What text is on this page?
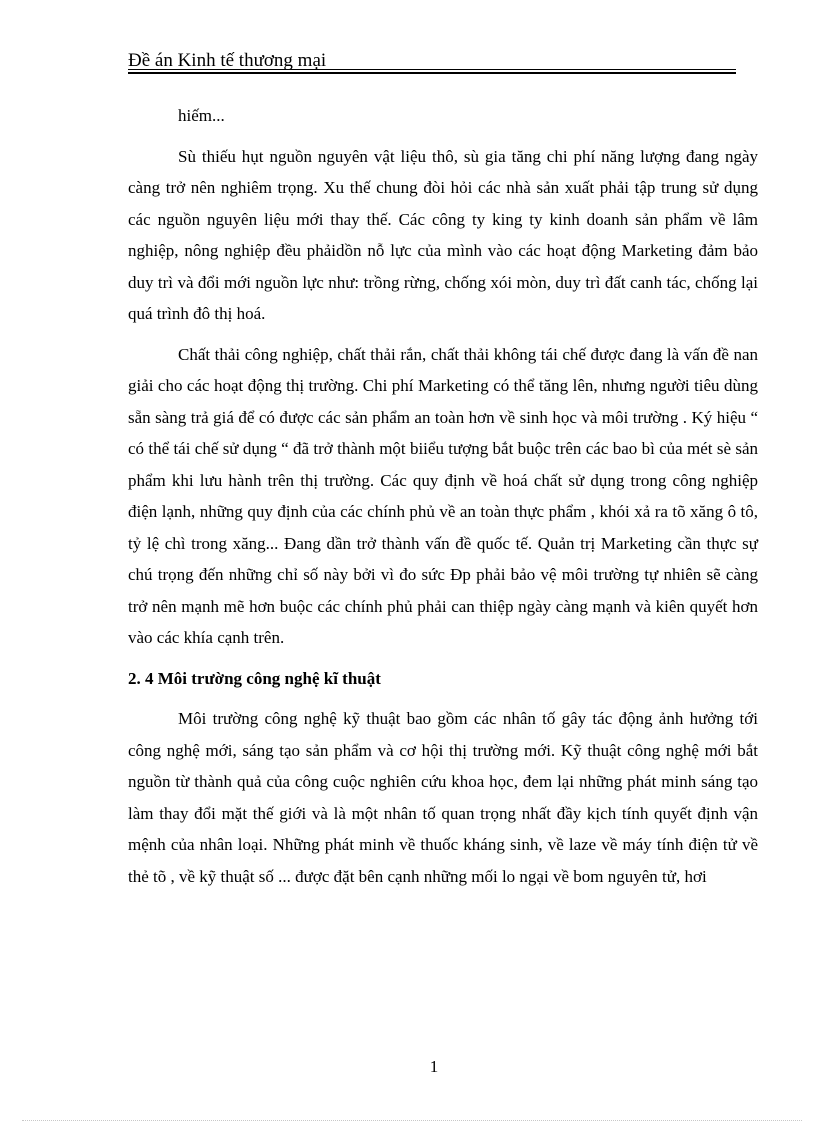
Đề án Kinh tế thương mại

hiếm...

Sù thiếu hụt nguồn nguyên vật liệu thô, sù gia tăng chi phí năng lượng đang ngày càng trở nên nghiêm trọng. Xu thế chung đòi hỏi các nhà sản xuất phải tập trung sử dụng các nguồn nguyên liệu mới thay thế. Các công ty king ty kinh doanh sản phẩm về lâm nghiệp, nông nghiệp đều phảidồn nỗ lực của mình vào các hoạt động Marketing đảm bảo duy trì và đổi mới nguồn lực như: trồng rừng, chống xói mòn, duy trì đất canh tác, chống lại quá trình đô thị hoá.

Chất thải công nghiệp, chất thải rắn, chất thải không tái chế được đang là vấn đề nan giải cho các hoạt động thị trường. Chi phí Marketing có thể tăng lên, nhưng người tiêu dùng sẵn sàng trả giá để có được các sản phẩm an toàn hơn về sinh học và môi trường . Ký hiệu “ có thể tái chế sử dụng “ đã trở thành một biiểu tượng bắt buộc trên các bao bì của mét sè sản phẩm khi lưu hành trên thị trường. Các quy định về hoá chất sử dụng trong công nghiệp điện lạnh, những quy định của các chính phủ về an toàn thực phẩm , khói xả ra tõ xăng ô tô, tỷ lệ chì trong xăng... Đang dần trở thành vấn đề quốc tế. Quản trị Marketing cần thực sự chú trọng đến những chỉ số này bởi vì đo sức Đp phải bảo vệ môi trường tự nhiên sẽ càng trở nên mạnh mẽ hơn buộc các chính phủ phải can thiệp ngày càng mạnh và kiên quyết hơn vào các khía cạnh trên.

2. 4 Môi trường công nghệ kĩ thuật

Môi trường công nghệ kỹ thuật bao gồm các nhân tố gây tác động ảnh hưởng tới công nghệ mới, sáng tạo sản phẩm và cơ hội thị trường mới. Kỹ thuật công nghệ mới bắt nguồn từ thành quả của công cuộc nghiên cứu khoa học, đem lại những phát minh sáng tạo làm thay đổi mặt thế giới và là một nhân tố quan trọng nhất đầy kịch tính quyết định vận mệnh của nhân loại. Những phát minh về thuốc kháng sinh, về laze về máy tính điện tử về thẻ tõ , về kỹ thuật số ... được đặt bên cạnh những mối lo ngại về bom nguyên tử, hơi

1
